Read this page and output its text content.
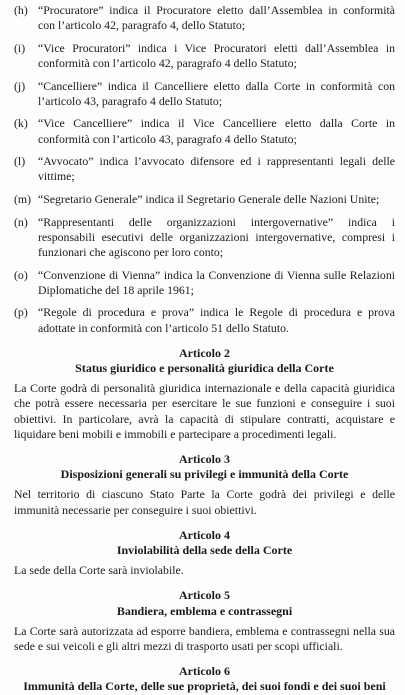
(h) “Procuratore” indica il Procuratore eletto dall’Assemblea in conformità con l’articolo 42, paragrafo 4, dello Statuto;
(i)	“Vice Procuratori” indica i Vice Procuratori eletti dall’Assemblea in conformità con l’articolo 42, paragrafo 4 dello Statuto;
(j)	“Cancelliere” indica il Cancelliere eletto dalla Corte in conformità con l’articolo 43, paragrafo 4 dello Statuto;
(k) “Vice Cancelliere” indica il Vice Cancelliere eletto dalla Corte in conformità con l’articolo 43, paragrafo 4 dello Statuto;
(l)	“Avvocato” indica l’avvocato difensore ed i rappresentanti legali delle vittime;
(m) “Segretario Generale” indica il Segretario Generale delle Nazioni Unite;
(n) “Rappresentanti delle organizzazioni intergovernative” indica i responsabili esecutivi delle organizzazioni intergovernative, compresi i funzionari che agiscono per loro conto;
(o) “Convenzione di Vienna” indica la Convenzione di Vienna sulle Relazioni Diplomatiche del 18 aprile 1961;
(p) “Regole di procedura e prova” indica le Regole di procedura e prova adottate in conformità con l’articolo 51 dello Statuto.
Articolo 2
Status giuridico e personalità giuridica della Corte

La Corte godrà di personalità giuridica internazionale e della capacità giuridica che potrà essere necessaria per esercitare le sue funzioni e conseguire i suoi obiettivi. In particolare, avrà la capacità di stipulare contratti, acquistare e liquidare beni mobili e immobili e partecipare a procedimenti legali.

Articolo 3
Disposizioni generali su privilegi e immunità della Corte

Nel territorio di ciascuno Stato Parte la Corte godrà dei privilegi e delle immunità necessarie per conseguire i suoi obiettivi.

Articolo 4
Inviolabilità della sede della Corte

La sede della Corte sarà inviolabile.

Articolo 5
Bandiera, emblema e contrassegni

La Corte sarà autorizzata ad esporre bandiera, emblema e contrassegni nella sua sede e sui veicoli e gli altri mezzi di trasporto usati per scopi ufficiali.

Articolo 6
Immunità della Corte, delle sue proprietà, dei suoi fondi e dei suoi beni
